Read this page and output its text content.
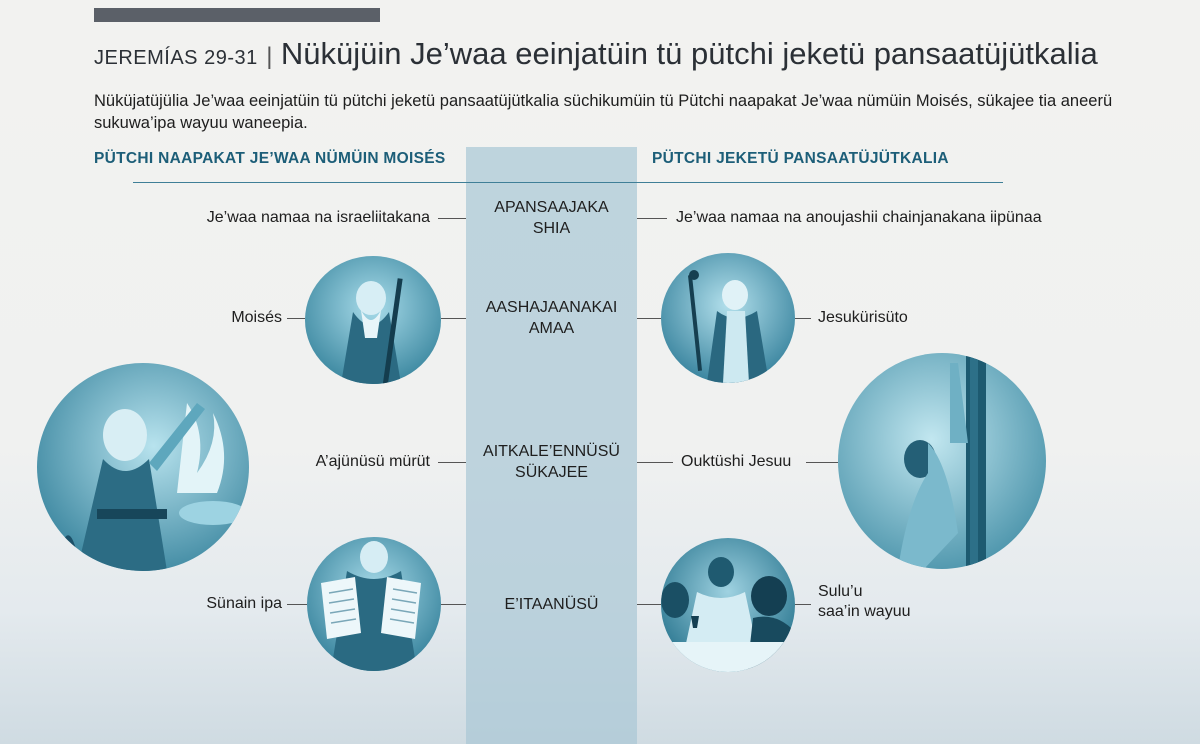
JEREMÍAS 29-31 | Nüküjüin Je’waa eeinjatüin tü pütchi jeketü pansaatüjütkalia
Nüküjatüjülia Je’waa eeinjatüin tü pütchi jeketü pansaatüjütkalia süchikumüin tü Pütchi naapakat Je’waa nümüin Moisés, sükajee tia aneerü sukuwa’ipa wayuu waneepia.
PÜTCHI NAAPAKAT JE’WAA NÜMÜIN MOISÉS	PÜTCHI JEKETÜ PANSAATÜJÜTKALIA
Je’waa namaa na israeliitakana
APANSAAJAKA
SHIA
Je’waa namaa na anoujashii chainjanakana iipünaa
Moisés
AASHAJAANAKAI
AMAA
Jesukürisüto
A’ajünüsü mürüt
AITKALE’ENNÜSÜ
SÜKAJEE
Ouktüshi Jesuu
Sünain ipa	E’ITAANÜSÜ
Sulu’u
saa’in wayuu
